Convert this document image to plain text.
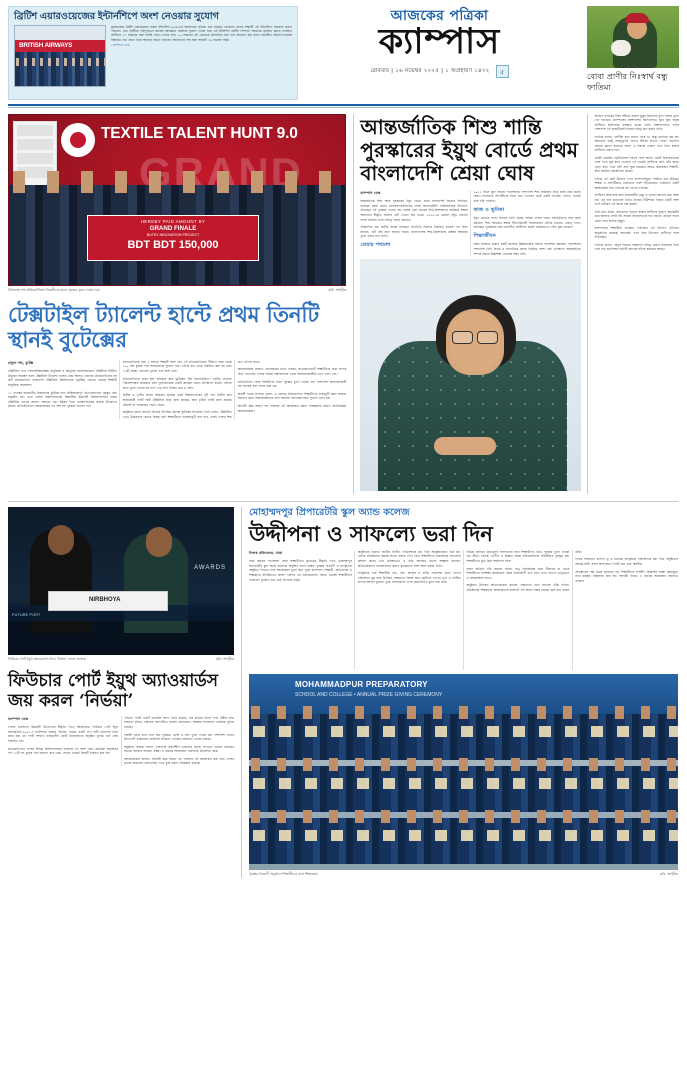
ব্রিটিশ এয়ারওয়েজের ইন্টার্নশিপে অংশ নেওয়ার সুযোগ
BRITISH AIRWAYS
যুক্তরাজ্যের ব্রিটিশ এয়ারওয়েজ সামার ইন্টার্নশিপ-২০২৬-এর আবেদনের প্রক্রিয়া শুরু হয়েছে। যেকোনো স্নাতক শিক্ষার্থী এই ইন্টার্নশিপে আবেদন করতে পারবেন। এতে প্রার্থীকে পরিপূর্ণভাবে কাজের অভিজ্ঞতা অর্জনের সুযোগ দেওয়া হবে। এই ইন্টার্নশিপ প্রার্থীর পেশাগত দক্ষতাকে ত্বরান্বিত করবে। নির্বাচিত প্রার্থীদের ১২ সপ্তাহের জন্য নির্দিষ্ট বেতন দেওয়া হবে। ১০ সপ্তাহের এই প্রোগ্রামে অনলাইনে ঘরে বসে আবেদন করা যাবে। আগ্রহীরা আবেদন-সংক্রান্ত বিস্তারিত তথ্য জেনে নিয়ে আবেদন করতে পারবেন। আবেদনের শেষ সময় আগামী ১৯ নভেম্বর পর্যন্ত।
• ক্যাম্পাস ডেস্ক
আজকের পত্রিকা
ক্যাম্পাস
রোববার | ১৬ নভেম্বর ২০২৫ | ১ অগ্রহায়ণ ১৪৩২	৫	বোবা প্রাণীর নিঃস্বার্থ বন্ধু ফাতিমা
TEXTILE TALENT HUNT 9.0
HEREBY PAID AMOUNT BY
GRAND FINALE
BUTEX INNOVATION PROJECT
BDT BDT 150,000
উপলক্ষে শেষ প্রতিযোগিতায় বিজয়ীদের হাতে পুরস্কার তুলে দেওয়া হয়।	ছবি: সংগৃহীত
টেক্সটাইল ট্যালেন্ট হান্টে প্রথম তিনটি স্থানই বুটেক্সের
রাফুল শাহ, বুটেক্স

টেক্সটাইল এবং পোশাকশিল্পসংশ্লিষ্ট প্রাযুক্তিক ও আধুনিক সমস্যাসমাধানে টেক্সটাইল টাইটান উদ্ভাবন অন্বেষণ হলো টেক্সটাইল ট্যালেন্ট হান্টের নবম আসর। এবারের প্রতিযোগিতায় সব কটি প্রতিযোগিতা বাংলাদেশ টেক্সটাইল বিশ্ববিদ্যালয় (বুটেক্স) এবারও হয়েছে শিক্ষার্থী প্রাযুক্তিক আসরসহ।

১১ নভেম্বর রাজধানীর বিজয়নগর বুটেক্সে নানা জাঁকজমকপূর্ণ প্রতিযোগিতায় পুরস্কৃত করা অনুষ্ঠিত হয়। এতে দেশের বিশ্ববিদ্যালয়ের শিক্ষার্থীরা উদ্ভাবনী বিশ্ববিদ্যালয়ের প্রকল্প টেক্সটাইল খাতের সমস্যা, সমাধান এবং উন্নয়ন নিয়ে গবেষণাভিত্তিক প্রকল্পে উপস্থাপন করেন। প্রতিযোগিতার আয়োজকের পর্ব শেষ হয় পুরস্কার বিতরণ পর্ব।

প্রতিযোগিতায় প্রায় ২ হাজার শিক্ষার্থী অংশ নেন এই প্রতিযোগিতায়। দীর্ঘদিন সময় থেকে ১০০ জন চূড়ান্ত পর্বে অংশগ্রহণের সুযোগ পান। তাঁদের মধ্য থেকে নির্বাচিত করা হয় সেরা ১০টি প্রকল্প, যেগুলো চূড়ান্ত পর্বে অংশ নেয়।

প্রতিযোগিতায় প্রথম স্থান অধিকার করে বুটেক্সের ‘টিম ইনোভেটরস’। দলটির সদস্যরা পরিবেশবান্ধব প্রক্রিয়ায় বর্জ্য পুনর্ব্যবহারের একটি কার্যকর পদ্ধতি উপস্থাপন করেন। তাঁদের হাতে তুলে দেওয়া হয় নগদ দেড় লাখ টাকার চেক ও সনদ।

দ্বিতীয় ও তৃতীয় স্থানও অধিকার করেছে একই বিশ্ববিদ্যালয়ের দুটি দল। দ্বিতীয় স্থান অর্জনকারী দলটি স্মার্ট টেক্সটাইল নিয়ে কাজ করেছে, আর তৃতীয় দলটি কাজ করেছে টেকসই রং ব্যবহারের পদ্ধতি নিয়ে।

অনুষ্ঠানে প্রধান অতিথি হিসেবে উপস্থিত ছিলেন বুটেক্সের উপাচার্য। তিনি বলেন, টেক্সটাইল খাতে উদ্ভাবনের কোনো বিকল্প নেই। শিক্ষার্থীদের গবেষণামুখী হতে হবে, তবেই দেশের শিল্প খাত এগিয়ে যাবে।

আয়োজকেরা জানান, প্রতিবছরের মতো এবারও প্রতিযোগিতাটি শিক্ষার্থীদের মধ্যে ব্যাপক সাড়া ফেলেছে। দেশের বিভিন্ন বিশ্ববিদ্যালয় থেকে অংশগ্রহণকারীরা এতে যোগ দেন।

প্রতিযোগিতা শেষে বিজয়ীদের হাতে পুরস্কার তুলে দেওয়া হয়। পাশাপাশি অংশগ্রহণকারী সব দলকেই সনদ প্রদান করা হয়।

বিজয়ী দলের সদস্যরা বলেন, এ ধরনের প্রতিযোগিতা শিক্ষার্থীদের বাস্তবমুখী জ্ঞান অর্জনে সহায়তা করে। শিল্পপ্রতিষ্ঠানের সঙ্গে সরাসরি যোগাযোগেরও সুযোগ তৈরি হয়।

আগামী বছর আরও বড় পরিসরে এই আয়োজন করার পরিকল্পনার কথাও জানিয়েছেন আয়োজকেরা।

আন্তর্জাতিক শিশু শান্তি পুরস্কারের ইয়ুথ বোর্ডে প্রথম বাংলাদেশি শ্রেয়া ঘোষ
ক্যাম্পাস ডেস্ক

আন্তর্জাতিক শিশু শান্তি পুরস্কারের ইয়ুথ বোর্ডে প্রথম বাংলাদেশি হিসেবে নির্বাচিত হয়েছেন শ্রেয়া ঘোষ। নেদারল্যান্ডসভিত্তিক সংস্থা কিডসরাইটস ফাউন্ডেশনের উদ্যোগে প্রতিবছর এই পুরস্কার দেওয়া হয়। বিশ্বের নানা প্রান্তের শিশু-কিশোরদের অধিকার রক্ষায় অবদানের স্বীকৃতি হিসেবে এটি দেওয়া হয়ে থাকে। ২০২৫-২৬ মেয়াদে ইয়ুথ বোর্ডের সদস্য হিসেবে তিনি দায়িত্ব পালন করবেন।

পরিচালিত হয়। স্থানীয় সমন্বয় নির্বাচনে প্রতিনিধি হিসেবে নির্বাচিত হওয়ার পর শ্রেয়া জানান, এটি তাঁর জন্য অত্যন্ত গর্বের। বাংলাদেশের শিশু-কিশোরদের কণ্ঠস্বর বিশ্বমঞ্চে তুলে ধরতে চান তিনি।

শ্রেয়ার পথচলা

২০২২ সালে স্কুল পর্যায়ে পড়াশোনার পাশাপাশি শিশু অধিকার নিয়ে কাজ শুরু করেন শ্রেয়া। বিদ্যালয়ে সহপাঠীদের নিয়ে গড়ে তোলেন ছোট একটি সংগঠন। সেখান থেকেই শুরু তাঁর পথচলা।

কাজ ও ভূমিকা

ইয়ুথ বোর্ডের সদস্য হিসেবে তিনি বিশ্বের বিভিন্ন দেশের তরুণ প্রতিনিধিদের সঙ্গে কাজ করবেন। শিশু অধিকার রক্ষায় নীতিনির্ধারণী আলোচনায় তাঁদের মতামত গুরুত্ব পাবে। প্রতিবছর পুরস্কারের জন্য মনোনীত প্রার্থীদের বাছাই প্রক্রিয়াতেও তাঁরা যুক্ত থাকেন।

শিক্ষাজীবন

শ্রেয়া বর্তমানে ঢাকার একটি কলেজে উচ্চমাধ্যমিক পর্যায়ে পড়াশোনা করছেন। পড়াশোনার পাশাপাশি তিনি বিতর্ক ও সাংগঠনিক কাজে নিয়মিত অংশ নেন। ভবিষ্যতে আন্তর্জাতিক সম্পর্ক বিষয়ে উচ্চশিক্ষা নেওয়ার ইচ্ছা তাঁর।

নিজের খাবারের টাকা বাঁচিয়ে রাস্তার কুকুর-বিড়ালের মুখে খাবার তুলে দেন ফাতিমা। ক্যাম্পাসের আশপাশের অলিগলিতে ঘুরে ঘুরে অসুস্থ প্রাণীদের চিকিৎসার ব্যবস্থাও করেন তিনি। বিশ্ববিদ্যালয়ে পড়ার পাশাপাশি এই কাজটিকেই নিজের দায়িত্ব মনে করেন তিনি।

ফাতিমা বলেন, ‘প্রাণীরা কথা বলতে পারে না, কিন্তু তাদেরও কষ্ট হয়। আমাদের একটু সহানুভূতিই তাদের বাঁচিয়ে রাখতে পারে।’ প্রতিদিন সকালে ক্লাসে যাওয়ার আগে ও সন্ধ্যায় ফেরার পথে তিনি রাস্তার প্রাণীদের খাবার দেন।

শুরুটা হয়েছিল ছোটবেলায়। বাড়ির পাশে আহত একটি বিড়ালছানাকে সেবা দিয়ে সুস্থ করে তোলার পর থেকেই প্রাণীদের প্রতি তাঁর মমতা বেড়ে যায়। এখন তাঁর সঙ্গে যুক্ত হয়েছেন আরও কয়েকজন শিক্ষার্থী, যাঁরা নিয়মিত সহযোগিতা করেন।

তাঁদের এই ছোট উদ্যোগ এখন ক্যাম্পাসজুড়ে পরিচিত হয়ে উঠেছে। শিক্ষক ও সহপাঠীরাও নানাভাবে পাশে দাঁড়িয়েছেন। ভবিষ্যতে একটি আশ্রয়কেন্দ্র গড়ে তোলার স্বপ্ন দেখেন ফাতিমা।

প্রাণীদের চিকিৎসার জন্য প্রয়োজনীয় ওষুধ ও খাবার জোগাড় করা সহজ নয়। তবু হাল ছাড়েননি তিনি। নিজের টিউশনির টাকার একটি অংশ তিনি নিয়মিত এই কাজে ব্যয় করেন।

তিনি মনে করেন, সচেতনতা বাড়লে রাস্তার প্রাণীদের দুর্ভোগ অনেকটাই কমে আসবে। সবাই যদি সামান্য সহযোগিতার হাত বাড়ান, তাহলে বদলে যেতে পারে অনেক কিছুই।

ক্যাম্পাসের শিক্ষার্থীরা বলছেন, ফাতিমার এই উদ্যোগ তাঁদেরও অনুপ্রাণিত করেছে। অনেকেই এখন নিজ উদ্যোগে প্রাণীদের পাশে দাঁড়াচ্ছেন।

ফাতিমা বলেন, ‘মানুষ হিসেবে আমাদের দায়িত্ব কেবল নিজেদের নিয়ে ভাবা নয়। চারপাশের প্রতিটি প্রাণেরই বাঁচার অধিকার আছে।’

FUTURE PORT
AWARDS
NIRBHOYA
ফিউচার পোর্ট ইয়ুথ অ্যাওয়ার্ডস নিয়ে 'নির্ভয়া' দলের সদস্যরা	ছবি: সংগৃহীত
ফিউচার পোর্ট ইয়ুথ অ্যাওয়ার্ডস জয় করল ‘নির্ভয়া’
ক্যাম্পাস ডেস্ক

দেশের তরুণদের উদ্ভাবনী উদ্যোগকে স্বীকৃতি দিতে আয়োজিত ফিউচার পোর্ট ইয়ুথ অ্যাওয়ার্ডস-২০২৫-এ চ্যাম্পিয়ন হয়েছে ‘নির্ভয়া’ নামের একটি দল। নারী নিরাপত্তা নিয়ে কাজ করা এই দলটি সম্প্রতি রাজধানীর একটি মিলনায়তনে অনুষ্ঠিত চূড়ান্ত পর্বে সেরা নির্বাচিত হয়।

প্রতিযোগিতায় দেশের বিভিন্ন বিশ্ববিদ্যালয়ের শতাধিক দল অংশ নেয়। প্রাথমিক বাছাইয়ের পর ১২টি দল চূড়ান্ত পর্বে জায়গা করে নেয়। সেখান থেকেই বিজয়ী নির্বাচন করা হয়।

‘নির্ভয়া’ দলটি একটি মোবাইল অ্যাপ তৈরি করেছে, যার মাধ্যমে বিপদে পড়া নারীরা দ্রুত সহায়তা চাইতে পারবেন। অ্যাপটিতে জরুরি যোগাযোগ, অবস্থান শনাক্তসহ একাধিক সুবিধা রয়েছে।

বিজয়ী দলের হাতে নগদ অর্থ পুরস্কার, ক্রেস্ট ও সনদ তুলে দেওয়া হয়। পাশাপাশি তাদের উদ্যোগটি বাস্তবায়নে কারিগরি সহায়তা দেওয়ার ঘোষণাও দেওয়া হয়েছে।

অনুষ্ঠানে বক্তারা বলেন, তরুণদের সৃজনশীল ভাবনাকে কাজে লাগাতে পারলে সমাজের অনেক সমস্যার সমাধান সম্ভব। এ ধরনের আয়োজন তরুণদের উৎসাহিত করে।

আয়োজকেরা জানান, আগামী বছর আরও বড় পরিসরে এই আয়োজন করা হবে। দেশের প্রত্যন্ত অঞ্চলের তরুণদেরও এতে যুক্ত করার পরিকল্পনা রয়েছে।

মোহাম্মদপুর প্রিপারেটরি স্কুল অ্যান্ড কলেজ
উদ্দীপনা ও সাফল্যে ভরা দিন
নিজস্ব প্রতিবেদক, ঢাকা

সারা বছরের পড়াশোনা শেষে শিক্ষার্থীদের কৃতিত্বের স্বীকৃতি দিতে মোহাম্মদপুর প্রিপারেটরি স্কুল অ্যান্ড কলেজে অনুষ্ঠিত হলো বার্ষিক পুরস্কার বিতরণী ও সাংস্কৃতিক অনুষ্ঠান। দিনভর নানা আয়োজনে মুখর ছিল পুরো ক্যাম্পাস। শিক্ষার্থী, অভিভাবক ও শিক্ষকদের উপস্থিতিতে প্রাঙ্গণ পরিণত হয় মিলনমেলায়। সকাল থেকেই শিক্ষার্থীদের পদচারণে মুখরিত হয়ে ওঠে বিদ্যালয় চত্বর।

অনুষ্ঠানের শুরুতে জাতীয় সংগীত পরিবেশনের মধ্য দিয়ে আনুষ্ঠানিকতা শুরু হয়। এরপর প্রতিষ্ঠানের অধ্যক্ষ স্বাগত বক্তব্য দেন। তিনি শিক্ষার্থীদের ধারাবাহিক সাফল্যের প্রশংসা করেন এবং ভবিষ্যতেও এ ধারা অব্যাহত রাখার আহ্বান জানান। অভিভাবকদের সহযোগিতার কথাও কৃতজ্ঞতার সঙ্গে স্মরণ করেন তিনি।

সাংস্কৃতিক পর্বে শিক্ষার্থীরা নাচ, গান, আবৃত্তি ও নাটক পরিবেশন করে। তাদের পরিবেশনা মুগ্ধ করে উপস্থিত দর্শকদের। বিশেষ করে ছোটদের দলগত নৃত্য ও নাটিকা ব্যাপক প্রশংসা কুড়ায়। পুরো মিলনায়তন তখন করতালিতে মুখর হয়ে ওঠে।

বিভিন্ন শ্রেণিতে কৃতিত্বপূর্ণ ফলাফলের জন্য শিক্ষার্থীদের হাতে পুরস্কার তুলে দেওয়া হয়। ক্রীড়া, বিতর্ক, সংগীত ও বিজ্ঞান প্রকল্প প্রতিযোগিতায় বিজয়ীরাও পুরস্কৃত হয়। শিক্ষার্থীদের মুখে ছিল আনন্দের হাসি।

প্রধান অতিথি তাঁর বক্তব্যে বলেন, শুধু পাঠ্যবইয়ের মধ্যে সীমাবদ্ধ না থেকে শিক্ষার্থীদের সহশিক্ষা কার্যক্রমেও সমান মনোযোগী হতে হবে। এতে তাদের নেতৃত্বগুণ ও আত্মবিশ্বাস বাড়ে।

অনুষ্ঠানে উপস্থিত অভিভাবকেরা জানান, সন্তানদের এমন সাফল্যে তাঁরা গর্বিত। প্রতিষ্ঠানের শিক্ষকদের আন্তরিকতার কারণেই এই অর্জন সম্ভব হয়েছে বলে মনে করেন তাঁরা।

দিনের শেষভাগে র‍্যাফল ড্র ও মনোজ্ঞ সাংস্কৃতিক পরিবেশনার মধ্য দিয়ে অনুষ্ঠানের সমাপ্তি ঘটে। সবার অংশগ্রহণে দিনটি হয়ে ওঠে স্মরণীয়।

প্রতিষ্ঠানের পক্ষ থেকে জানানো হয়, শিক্ষার্থীদের সর্বাঙ্গীণ বিকাশের লক্ষ্যে বছরজুড়ে নানা কর্মসূচি বাস্তবায়ন করা হয়। আগামী দিনেও এ ধরনের আয়োজন অব্যাহত থাকবে।

MOHAMMADPUR PREPARATORY
SCHOOL AND COLLEGE • ANNUAL PRIZE GIVING CEREMONY
পুরস্কার বিতরণী অনুষ্ঠানে শিক্ষার্থীদের সঙ্গে শিক্ষকেরা।	ছবি: সংগৃহীত
